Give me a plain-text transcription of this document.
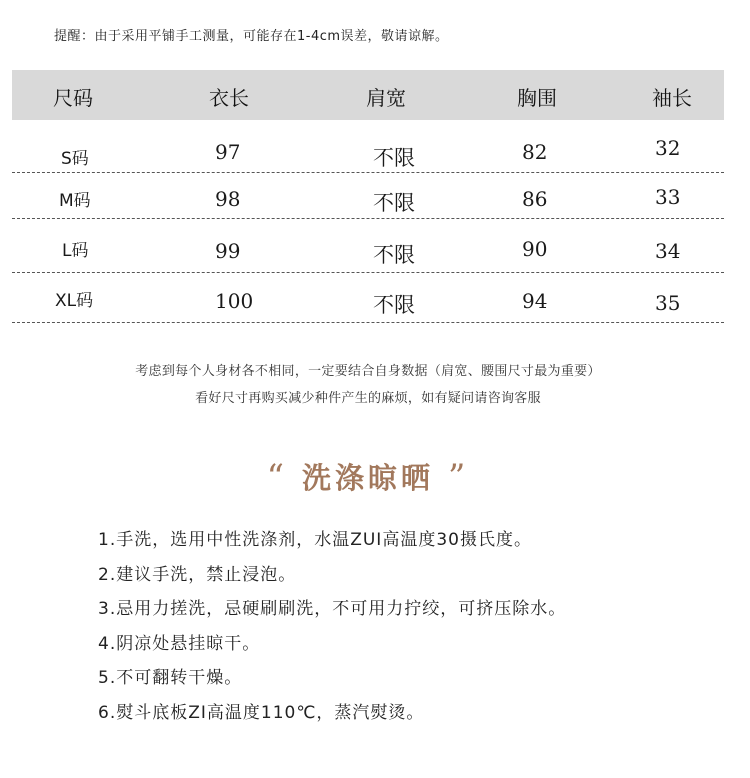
提醒：由于采用平铺手工测量，可能存在1-4cm误差，敬请谅解。
尺码	衣长	肩宽	胸围	袖长
S码	97	不限	82	32
M码	98	不限	86	33
L码	99	不限	90	34
XL码	100	不限	94	35
考虑到每个人身材各不相同，一定要结合自身数据（肩宽、腰围尺寸最为重要）
看好尺寸再购买减少种件产生的麻烦，如有疑问请咨询客服
“ 洗涤晾晒 ”
1.手洗，选用中性洗涤剂，水温ZUI高温度30摄氏度。
2.建议手洗，禁止浸泡。
3.忌用力搓洗，忌硬刷刷洗，不可用力拧绞，可挤压除水。
4.阴凉处悬挂晾干。
5.不可翻转干燥。
6.熨斗底板ZI高温度110℃，蒸汽熨烫。
